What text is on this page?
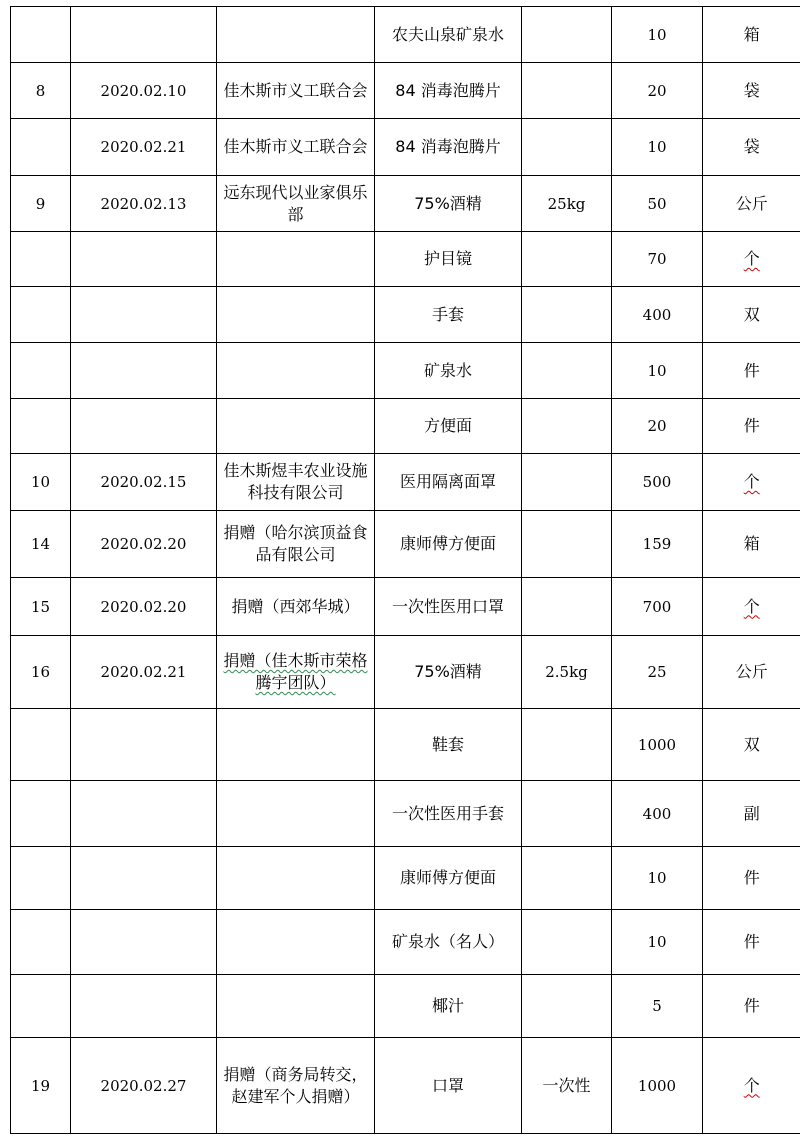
			农夫山泉矿泉水		10	箱
8	2020.02.10	佳木斯市义工联合会	84 消毒泡腾片		20	袋
	2020.02.21	佳木斯市义工联合会	84 消毒泡腾片		10	袋
9	2020.02.13	远东现代以业家俱乐部	75%酒精	25kg	50	公斤
			护目镜		70	个
			手套		400	双
			矿泉水		10	件
			方便面		20	件
10	2020.02.15	佳木斯煜丰农业设施科技有限公司	医用隔离面罩		500	个
14	2020.02.20	捐赠（哈尔滨顶益食品有限公司	康师傅方便面		159	箱
15	2020.02.20	捐赠（西郊华城）	一次性医用口罩		700	个
16	2020.02.21	捐赠（佳木斯市荣格腾宇团队）	75%酒精	2.5kg	25	公斤
			鞋套		1000	双
			一次性医用手套		400	副
			康师傅方便面		10	件
			矿泉水（名人）		10	件
			椰汁		5	件
19	2020.02.27	捐赠（商务局转交，赵建军个人捐赠）	口罩	一次性	1000	个
